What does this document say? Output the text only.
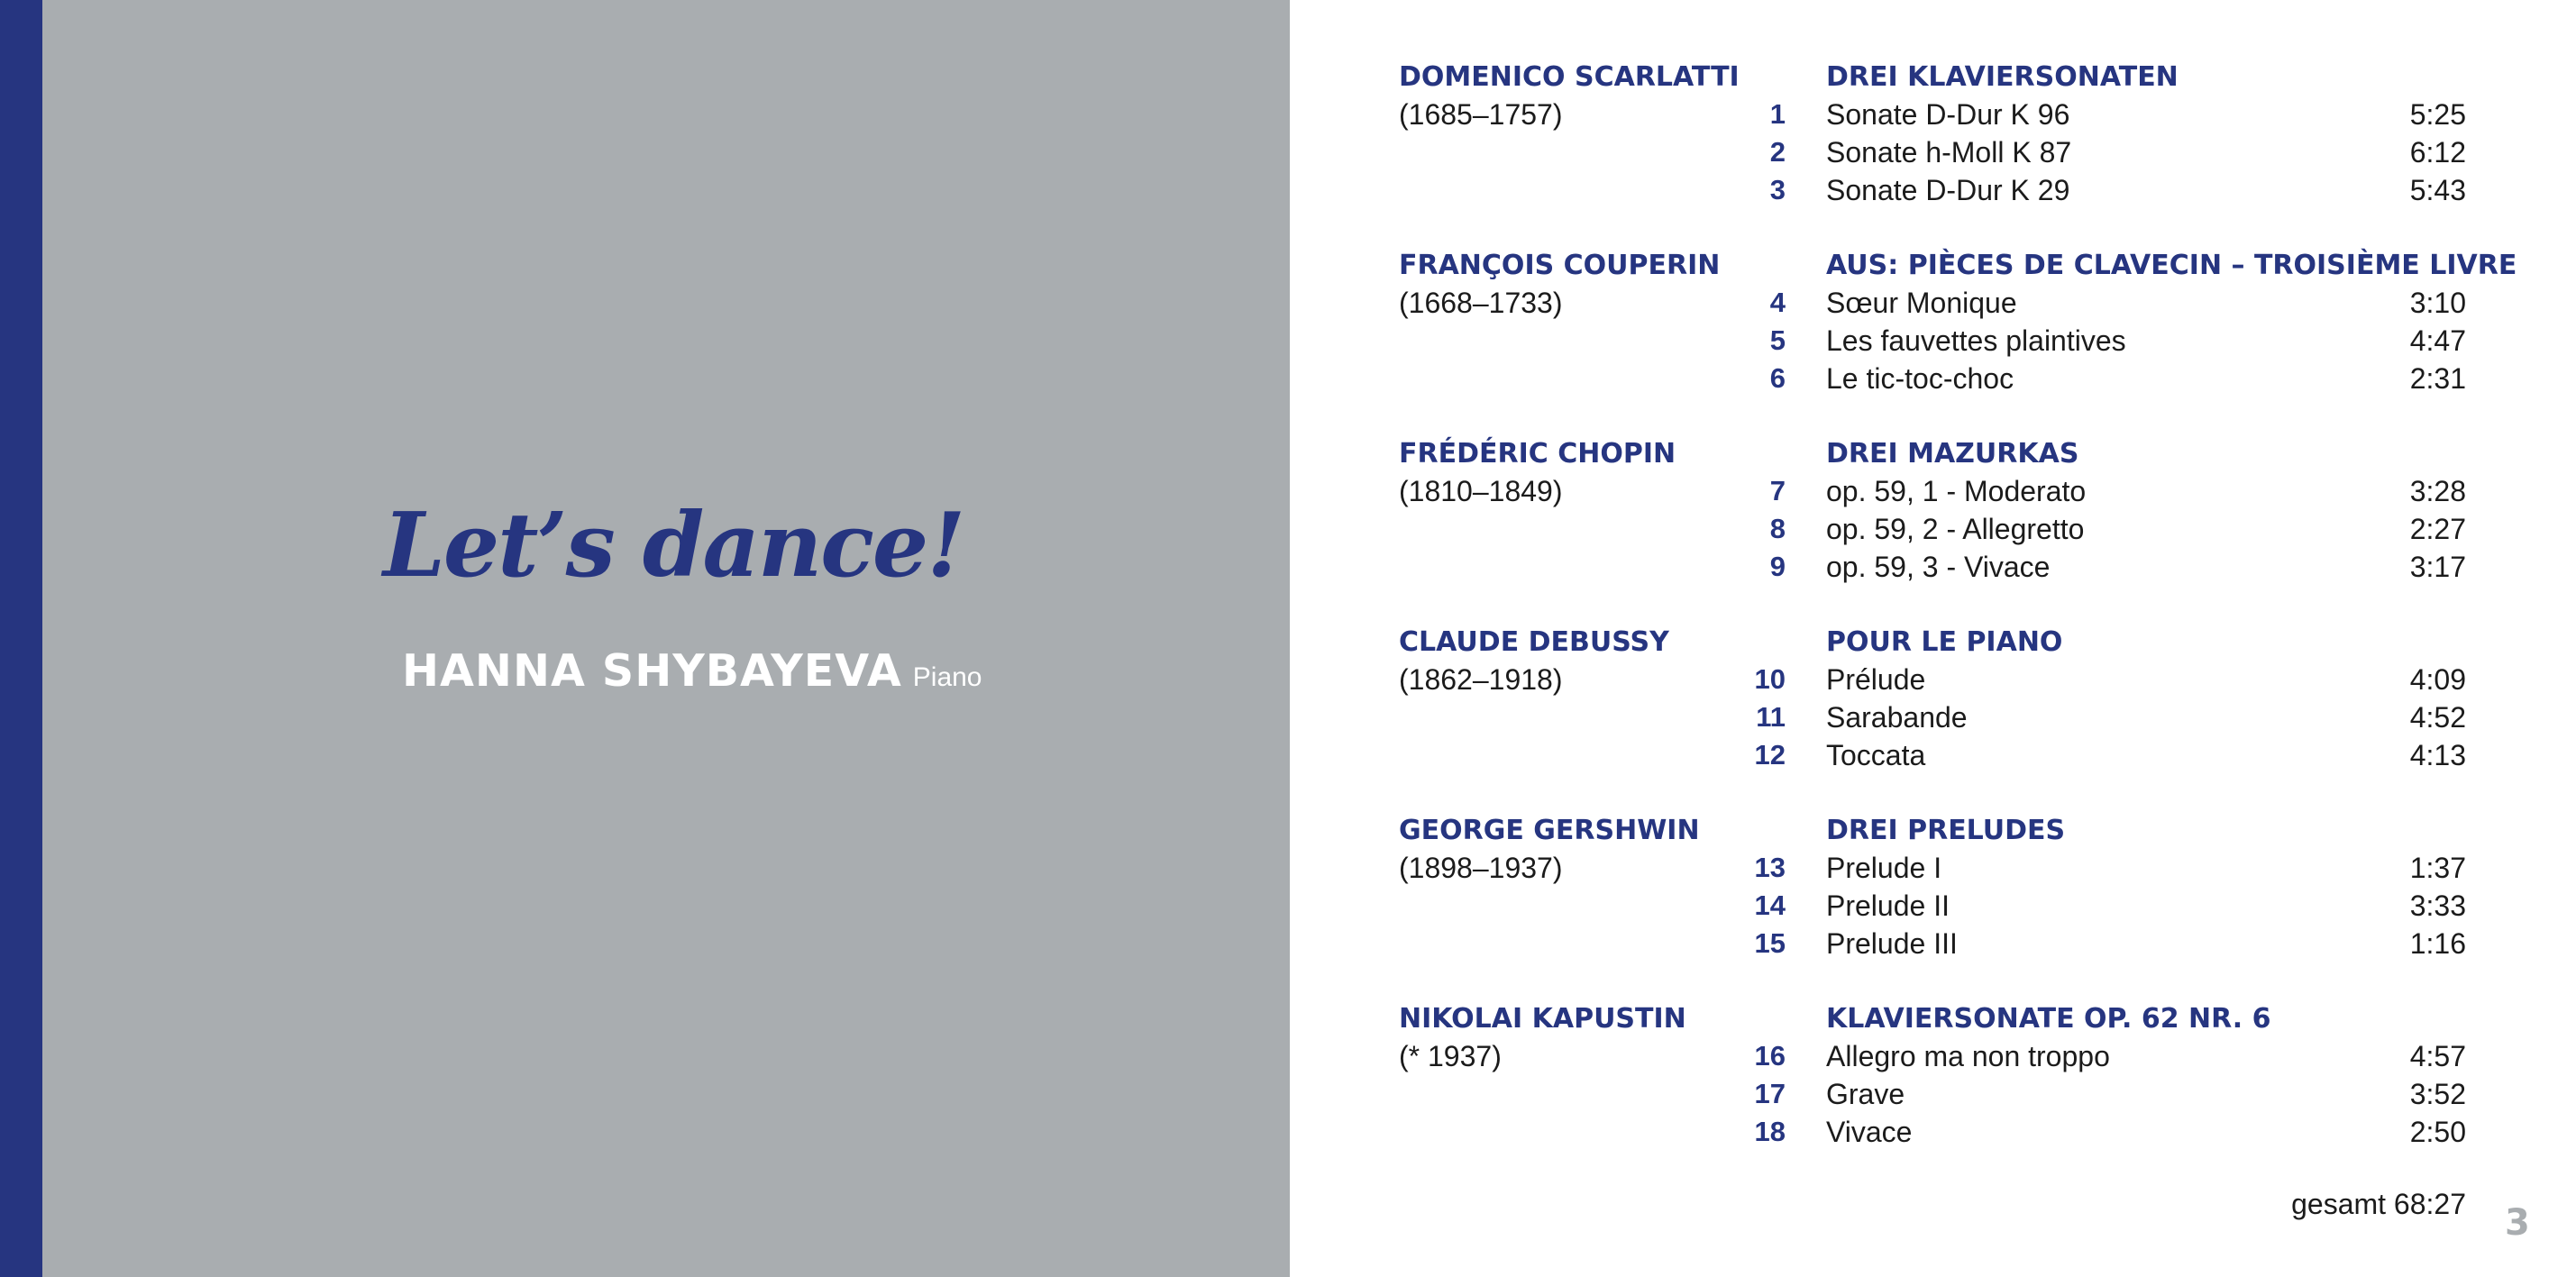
Let’s dance!
HANNA SHYBAYEVA Piano
DOMENICO SCARLATTI
(1685–1757)
DREI KLAVIERSONATEN
1 Sonate D-Dur K 96	5:25
2 Sonate h-Moll K 87	6:12
3 Sonate D-Dur K 29	5:43
FRANÇOIS COUPERIN
(1668–1733)
AUS: PIÈCES DE CLAVECIN – TROISIÈME LIVRE
4 Sœur Monique	3:10
5 Les fauvettes plaintives	4:47
6 Le tic-toc-choc	2:31
FRÉDÉRIC CHOPIN
(1810–1849)
DREI MAZURKAS
7 op. 59, 1 - Moderato	3:28
8 op. 59, 2 - Allegretto	2:27
9 op. 59, 3 - Vivace	3:17
CLAUDE DEBUSSY
(1862–1918)
POUR LE PIANO
10 Prélude	4:09
11 Sarabande	4:52
12 Toccata	4:13
GEORGE GERSHWIN
(1898–1937)
DREI PRELUDES
13 Prelude I	1:37
14 Prelude II	3:33
15 Prelude III	1:16
NIKOLAI KAPUSTIN
(* 1937)
KLAVIERSONATE OP. 62 NR. 6
16 Allegro ma non troppo	4:57
17 Grave	3:52
18 Vivace	2:50
gesamt 68:27 3
